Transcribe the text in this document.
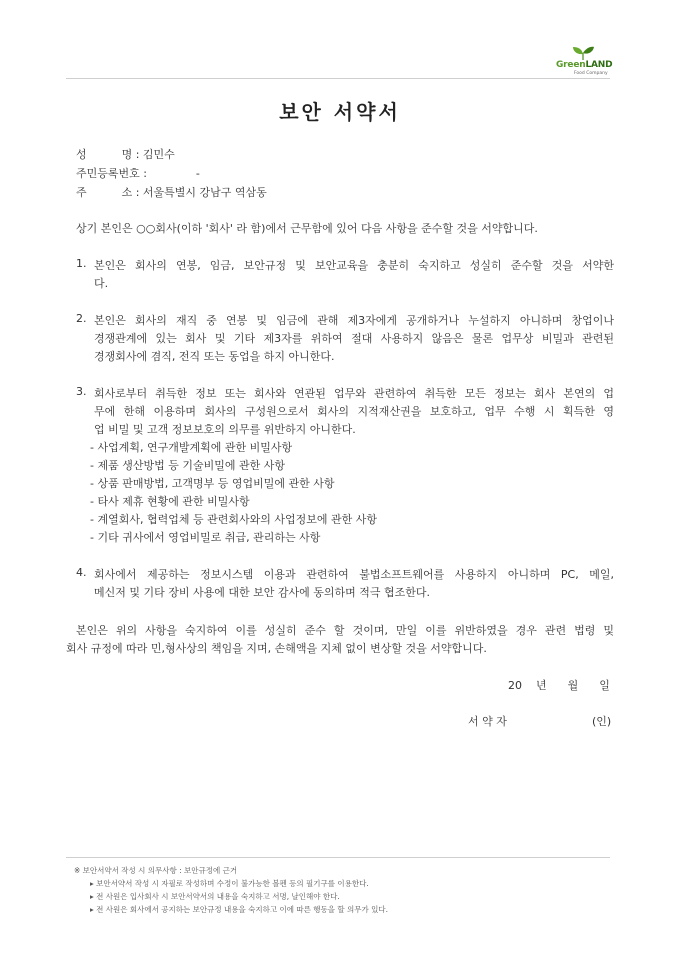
GreenLAND
Food Company
보안 서약서
성          명 : 김민수
주민등록번호 :              -
주          소 : 서울특별시 강남구 역삼동
상기 본인은 ○○회사(이하 '회사' 라 함)에서 근무함에 있어 다음 사항을 준수할 것을 서약합니다.
1. 본인은 회사의 연봉, 임금, 보안규정 및 보안교육을 충분히 숙지하고 성실히 준수할 것을 서약한
다.
2. 본인은 회사의 재직 중 연봉 및 임금에 관해 제3자에게 공개하거나 누설하지 아니하며 창업이나
경쟁관계에 있는 회사 및 기타 제3자를 위하여 절대 사용하지 않음은 물론 업무상 비밀과 관련된
경쟁회사에 겸직, 전직 또는 동업을 하지 아니한다.
3. 회사로부터 취득한 정보 또는 회사와 연관된 업무와 관련하여 취득한 모든 정보는 회사 본연의 업
무에 한해 이용하며 회사의 구성원으로서 회사의 지적재산권을 보호하고, 업무 수행 시 획득한 영
업 비밀 및 고객 정보보호의 의무를 위반하지 아니한다.
- 사업계획, 연구개발계획에 관한 비밀사항
- 제품 생산방법 등 기술비밀에 관한 사항
- 상품 판매방법, 고객명부 등 영업비밀에 관한 사항
- 타사 제휴 현황에 관한 비밀사항
- 계열회사, 협력업체 등 관련회사와의 사업정보에 관한 사항
- 기타 귀사에서 영업비밀로 취급, 관리하는 사항
4. 회사에서 제공하는 정보시스템 이용과 관련하여 불법소프트웨어를 사용하지 아니하며 PC, 메일,
메신저 및 기타 장비 사용에 대한 보안 감사에 동의하며 적극 협조한다.
본인은 위의 사항을 숙지하여 이를 성실히 준수 할 것이며, 만일 이를 위반하였을 경우 관련 법령 및
회사 규정에 따라 민,형사상의 책임을 지며, 손해액을 지체 없이 변상할 것을 서약합니다.
20    년      월      일
서 약 자	(인)
※ 보안서약서 작성 시 의무사항 : 보안규정에 근거
▸ 보안서약서 작성 시 자필로 작성하며 수정이 불가능한 볼펜 등의 필기구를 이용한다.
▸ 전 사원은 입사회사 시 보안서약서의 내용을 숙지하고 서명, 날인해야 한다.
▸ 전 사원은 회사에서 공지하는 보안규정 내용을 숙지하고 이에 따른 행동을 할 의무가 있다.
